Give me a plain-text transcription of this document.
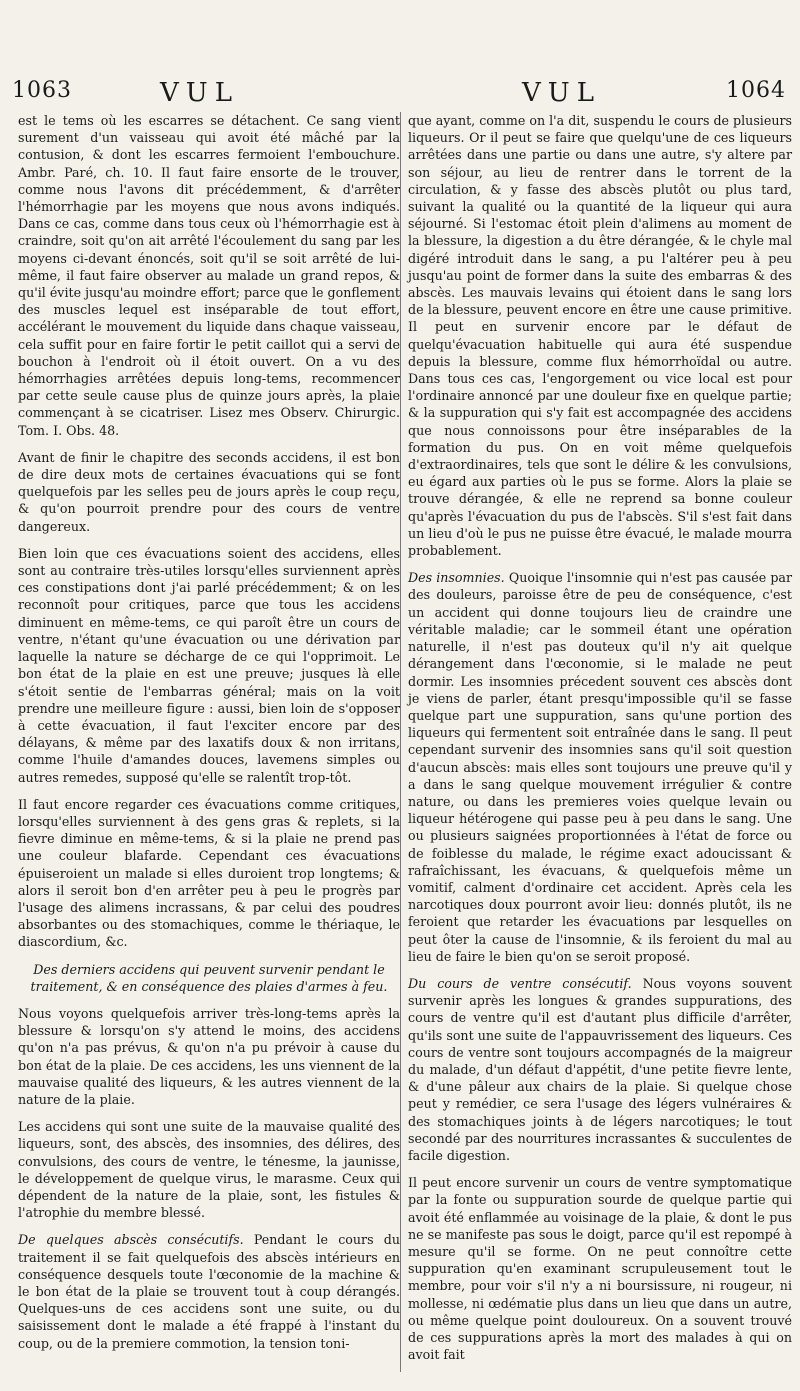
1063	VUL	VUL	1064

est le tems où les escarres se détachent. Ce sang vient surement d'un vaisseau qui avoit été mâché par la contusion, & dont les escarres fermoient l'embouchure. Ambr. Paré, ch. 10. Il faut faire ensorte de le trouver, comme nous l'avons dit précédemment, & d'arrêter l'hémorrhagie par les moyens que nous avons indiqués. Dans ce cas, comme dans tous ceux où l'hémorrhagie est à craindre, soit qu'on ait arrêté l'écoulement du sang par les moyens ci-devant énoncés, soit qu'il se soit arrêté de lui-même, il faut faire observer au malade un grand repos, & qu'il évite jusqu'au moindre effort; parce que le gonflement des muscles lequel est inséparable de tout effort, accélérant le mouvement du liquide dans chaque vaisseau, cela suffit pour en faire fortir le petit caillot qui a servi de bouchon à l'endroit où il étoit ouvert. On a vu des hémorrhagies arrêtées depuis long-tems, recommencer par cette seule cause plus de quinze jours après, la plaie commençant à se cicatriser. Lisez mes Observ. Chirurgic. Tom. I. Obs. 48.

Avant de finir le chapitre des seconds accidens, il est bon de dire deux mots de certaines évacuations qui se font quelquefois par les selles peu de jours après le coup reçu, & qu'on pourroit prendre pour des cours de ventre dangereux.

Bien loin que ces évacuations soient des accidens, elles sont au contraire très-utiles lorsqu'elles surviennent après ces constipations dont j'ai parlé précédemment; & on les reconnoît pour critiques, parce que tous les accidens diminuent en même-tems, ce qui paroît être un cours de ventre, n'étant qu'une évacuation ou une dérivation par laquelle la nature se décharge de ce qui l'opprimoit. Le bon état de la plaie en est une preuve; jusques là elle s'étoit sentie de l'embarras général; mais on la voit prendre une meilleure figure : aussi, bien loin de s'opposer à cette évacuation, il faut l'exciter encore par des délayans, & même par des laxatifs doux & non irritans, comme l'huile d'amandes douces, lavemens simples ou autres remedes, supposé qu'elle se ralentît trop-tôt.

Il faut encore regarder ces évacuations comme critiques, lorsqu'elles surviennent à des gens gras & replets, si la fievre diminue en même-tems, & si la plaie ne prend pas une couleur blafarde. Cependant ces évacuations épuiseroient un malade si elles duroient trop longtems; & alors il seroit bon d'en arrêter peu à peu le progrès par l'usage des alimens incrassans, & par celui des poudres absorbantes ou des stomachiques, comme le thériaque, le diascordium, &c.

Des derniers accidens qui peuvent survenir pendant le traitement, & en conséquence des plaies d'armes à feu.

Nous voyons quelquefois arriver très-long-tems après la blessure & lorsqu'on s'y attend le moins, des accidens qu'on n'a pas prévus, & qu'on n'a pu prévoir à cause du bon état de la plaie. De ces accidens, les uns viennent de la mauvaise qualité des liqueurs, & les autres viennent de la nature de la plaie.

Les accidens qui sont une suite de la mauvaise qualité des liqueurs, sont, des abscès, des insomnies, des délires, des convulsions, des cours de ventre, le ténesme, la jaunisse, le développement de quelque virus, le marasme. Ceux qui dépendent de la nature de la plaie, sont, les fistules & l'atrophie du membre blessé.

De quelques abscès consécutifs. Pendant le cours du traitement il se fait quelquefois des abscès intérieurs en conséquence desquels toute l'œconomie de la machine & le bon état de la plaie se trouvent tout à coup dérangés. Quelques-uns de ces accidens sont une suite, ou du saisissement dont le malade a été frappé à l'instant du coup, ou de la premiere commotion, la tension toni-

que ayant, comme on l'a dit, suspendu le cours de plusieurs liqueurs. Or il peut se faire que quelqu'une de ces liqueurs arrêtées dans une partie ou dans une autre, s'y altere par son séjour, au lieu de rentrer dans le torrent de la circulation, & y fasse des abscès plutôt ou plus tard, suivant la qualité ou la quantité de la liqueur qui aura séjourné. Si l'estomac étoit plein d'alimens au moment de la blessure, la digestion a du être dérangée, & le chyle mal digéré introduit dans le sang, a pu l'altérer peu à peu jusqu'au point de former dans la suite des embarras & des abscès. Les mauvais levains qui étoient dans le sang lors de la blessure, peuvent encore en être une cause primitive. Il peut en survenir encore par le défaut de quelqu'évacuation habituelle qui aura été suspendue depuis la blessure, comme flux hémorrhoïdal ou autre. Dans tous ces cas, l'engorgement ou vice local est pour l'ordinaire annoncé par une douleur fixe en quelque partie; & la suppuration qui s'y fait est accompagnée des accidens que nous connoissons pour être inséparables de la formation du pus. On en voit même quelquefois d'extraordinaires, tels que sont le délire & les convulsions, eu égard aux parties où le pus se forme. Alors la plaie se trouve dérangée, & elle ne reprend sa bonne couleur qu'après l'évacuation du pus de l'abscès. S'il s'est fait dans un lieu d'où le pus ne puisse être évacué, le malade mourra probablement.

Des insomnies. Quoique l'insomnie qui n'est pas causée par des douleurs, paroisse être de peu de conséquence, c'est un accident qui donne toujours lieu de craindre une véritable maladie; car le sommeil étant une opération naturelle, il n'est pas douteux qu'il n'y ait quelque dérangement dans l'œconomie, si le malade ne peut dormir. Les insomnies précedent souvent ces abscès dont je viens de parler, étant presqu'impossible qu'il se fasse quelque part une suppuration, sans qu'une portion des liqueurs qui fermentent soit entraînée dans le sang. Il peut cependant survenir des insomnies sans qu'il soit question d'aucun abscès: mais elles sont toujours une preuve qu'il y a dans le sang quelque mouvement irrégulier & contre nature, ou dans les premieres voies quelque levain ou liqueur hétérogene qui passe peu à peu dans le sang. Une ou plusieurs saignées proportionnées à l'état de force ou de foiblesse du malade, le régime exact adoucissant & rafraîchissant, les évacuans, & quelquefois même un vomitif, calment d'ordinaire cet accident. Après cela les narcotiques doux pourront avoir lieu: donnés plutôt, ils ne feroient que retarder les évacuations par lesquelles on peut ôter la cause de l'insomnie, & ils feroient du mal au lieu de faire le bien qu'on se seroit proposé.

Du cours de ventre consécutif. Nous voyons souvent survenir après les longues & grandes suppurations, des cours de ventre qu'il est d'autant plus difficile d'arrêter, qu'ils sont une suite de l'appauvrissement des liqueurs. Ces cours de ventre sont toujours accompagnés de la maigreur du malade, d'un défaut d'appétit, d'une petite fievre lente, & d'une pâleur aux chairs de la plaie. Si quelque chose peut y remédier, ce sera l'usage des légers vulnéraires & des stomachiques joints à de légers narcotiques; le tout secondé par des nourritures incrassantes & succulentes de facile digestion.

Il peut encore survenir un cours de ventre symptomatique par la fonte ou suppuration sourde de quelque partie qui avoit été enflammée au voisinage de la plaie, & dont le pus ne se manifeste pas sous le doigt, parce qu'il est repompé à mesure qu'il se forme. On ne peut connoître cette suppuration qu'en examinant scrupuleusement tout le membre, pour voir s'il n'y a ni boursissure, ni rougeur, ni mollesse, ni œdématie plus dans un lieu que dans un autre, ou même quelque point douloureux. On a souvent trouvé de ces suppurations après la mort des malades à qui on avoit fait
